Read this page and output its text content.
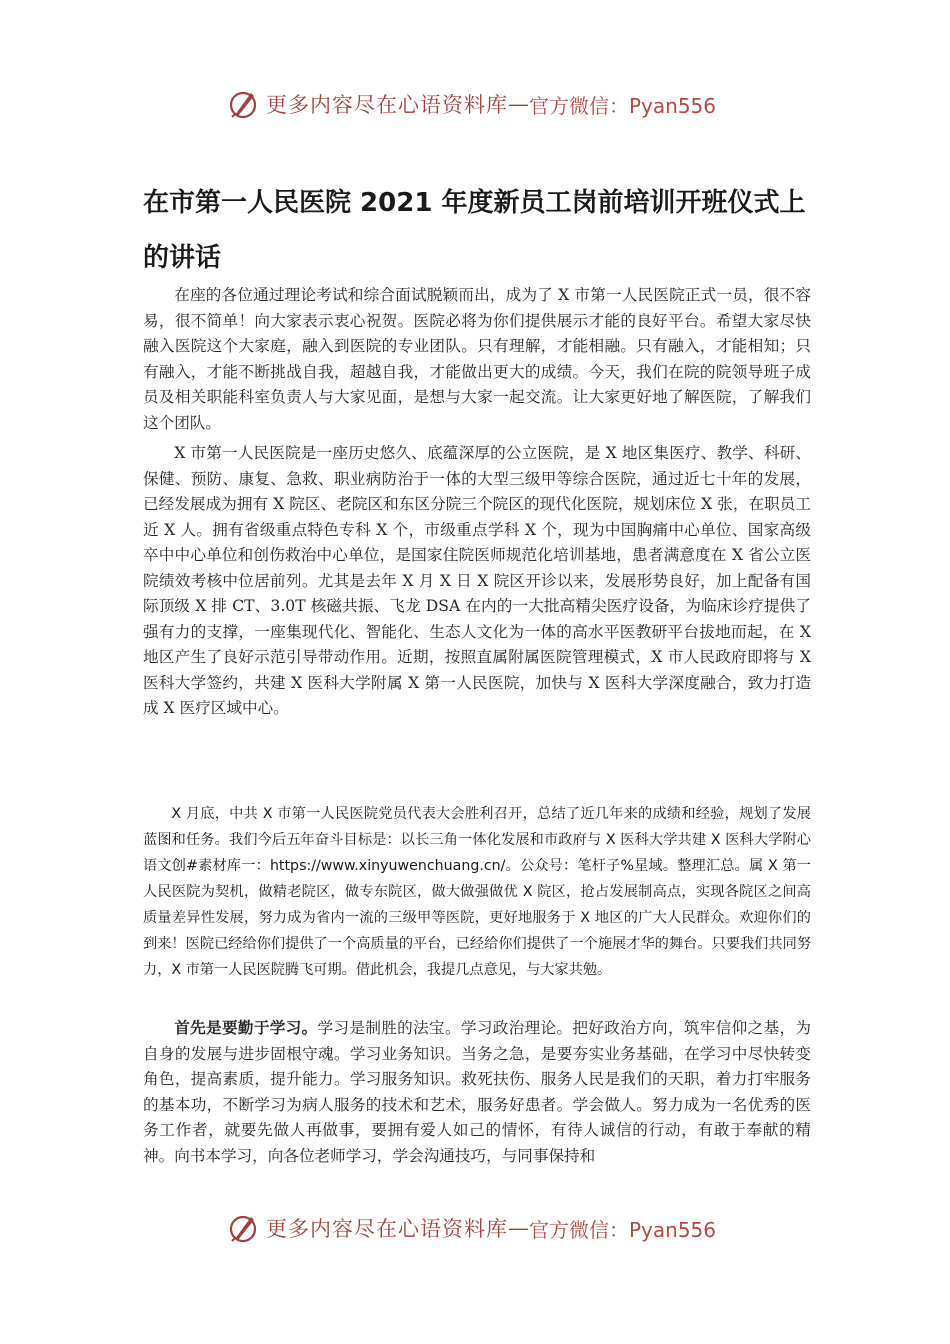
更多内容尽在心语资料库 — 官方微信：Pyan556
在市第一人民医院 2021 年度新员工岗前培训开班仪式上的讲话
在座的各位通过理论考试和综合面试脱颖而出，成为了 X 市第一人民医院正式一员，很不容易，很不简单！向大家表示衷心祝贺。医院必将为你们提供展示才能的良好平台。希望大家尽快融入医院这个大家庭，融入到医院的专业团队。只有理解，才能相融。只有融入，才能相知；只有融入，才能不断挑战自我，超越自我，才能做出更大的成绩。今天，我们在院的院领导班子成员及相关职能科室负责人与大家见面，是想与大家一起交流。让大家更好地了解医院，了解我们这个团队。
X 市第一人民医院是一座历史悠久、底蕴深厚的公立医院，是 X 地区集医疗、教学、科研、保健、预防、康复、急救、职业病防治于一体的大型三级甲等综合医院，通过近七十年的发展，已经发展成为拥有 X 院区、老院区和东区分院三个院区的现代化医院，规划床位 X 张，在职员工近 X 人。拥有省级重点特色专科 X 个，市级重点学科 X 个，现为中国胸痛中心单位、国家高级卒中中心单位和创伤救治中心单位，是国家住院医师规范化培训基地，患者满意度在 X 省公立医院绩效考核中位居前列。尤其是去年 X 月 X 日 X 院区开诊以来，发展形势良好，加上配备有国际顶级 X 排 CT、3.0T 核磁共振、飞龙 DSA 在内的一大批高精尖医疗设备，为临床诊疗提供了强有力的支撑，一座集现代化、智能化、生态人文化为一体的高水平医教研平台拔地而起，在 X 地区产生了良好示范引导带动作用。近期，按照直属附属医院管理模式，X 市人民政府即将与 X 医科大学签约，共建 X 医科大学附属 X 第一人民医院，加快与 X 医科大学深度融合，致力打造成 X 医疗区域中心。
X 月底，中共 X 市第一人民医院党员代表大会胜利召开，总结了近几年来的成绩和经验，规划了发展蓝图和任务。我们今后五年奋斗目标是：以长三角一体化发展和市政府与 X 医科大学共建 X 医科大学附心语文创#素材库一：https://www.xinyuwenchuang.cn/。公众号：笔杆子%星域。整理汇总。属 X 第一人民医院为契机，做精老院区，做专东院区，做大做强做优 X 院区，抢占发展制高点，实现各院区之间高质量差异性发展，努力成为省内一流的三级甲等医院，更好地服务于 X 地区的广大人民群众。欢迎你们的到来！医院已经给你们提供了一个高质量的平台，已经给你们提供了一个施展才华的舞台。只要我们共同努力，X 市第一人民医院腾飞可期。借此机会，我提几点意见，与大家共勉。
首先是要勤于学习。学习是制胜的法宝。学习政治理论。把好政治方向，筑牢信仰之基，为自身的发展与进步固根守魂。学习业务知识。当务之急，是要夯实业务基础，在学习中尽快转变角色，提高素质，提升能力。学习服务知识。救死扶伤、服务人民是我们的天职，着力打牢服务的基本功，不断学习为病人服务的技术和艺术，服务好患者。学会做人。努力成为一名优秀的医务工作者，就要先做人再做事，要拥有爱人如己的情怀，有待人诚信的行动，有敢于奉献的精神。向书本学习，向各位老师学习，学会沟通技巧，与同事保持和
更多内容尽在心语资料库 — 官方微信：Pyan556
